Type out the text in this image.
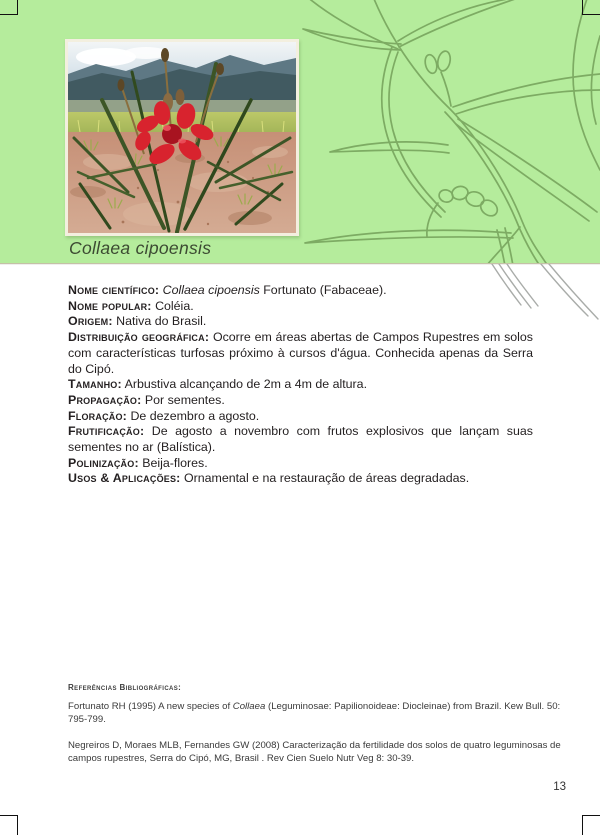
Collaea cipoensis

Nome científico: Collaea cipoensis Fortunato (Fabaceae).

Nome popular: Coléia.

Origem: Nativa do Brasil.

Distribuição geográfica: Ocorre em áreas abertas de Campos Rupestres em solos com características turfosas próximo à cursos d'água. Conhecida apenas da Serra do Cipó.

Tamanho: Arbustiva alcançando de 2m a 4m de altura.

Propagação: Por sementes.

Floração: De dezembro a agosto.

Frutificação: De agosto a novembro com frutos explosivos que lançam suas sementes no ar (Balística).

Polinização: Beija-flores.

Usos & Aplicações: Ornamental e na restauração de áreas degradadas.

Referências Bibliográficas:

Fortunato RH (1995) A new species of Collaea (Leguminosae: Papilionoideae: Diocleinae) from Brazil. Kew Bull. 50: 795-799.

Negreiros D, Moraes MLB, Fernandes GW (2008) Caracterização da fertilidade dos solos de quatro leguminosas de campos rupestres, Serra do Cipó, MG, Brasil . Rev Cien Suelo Nutr Veg 8: 30-39.

13
